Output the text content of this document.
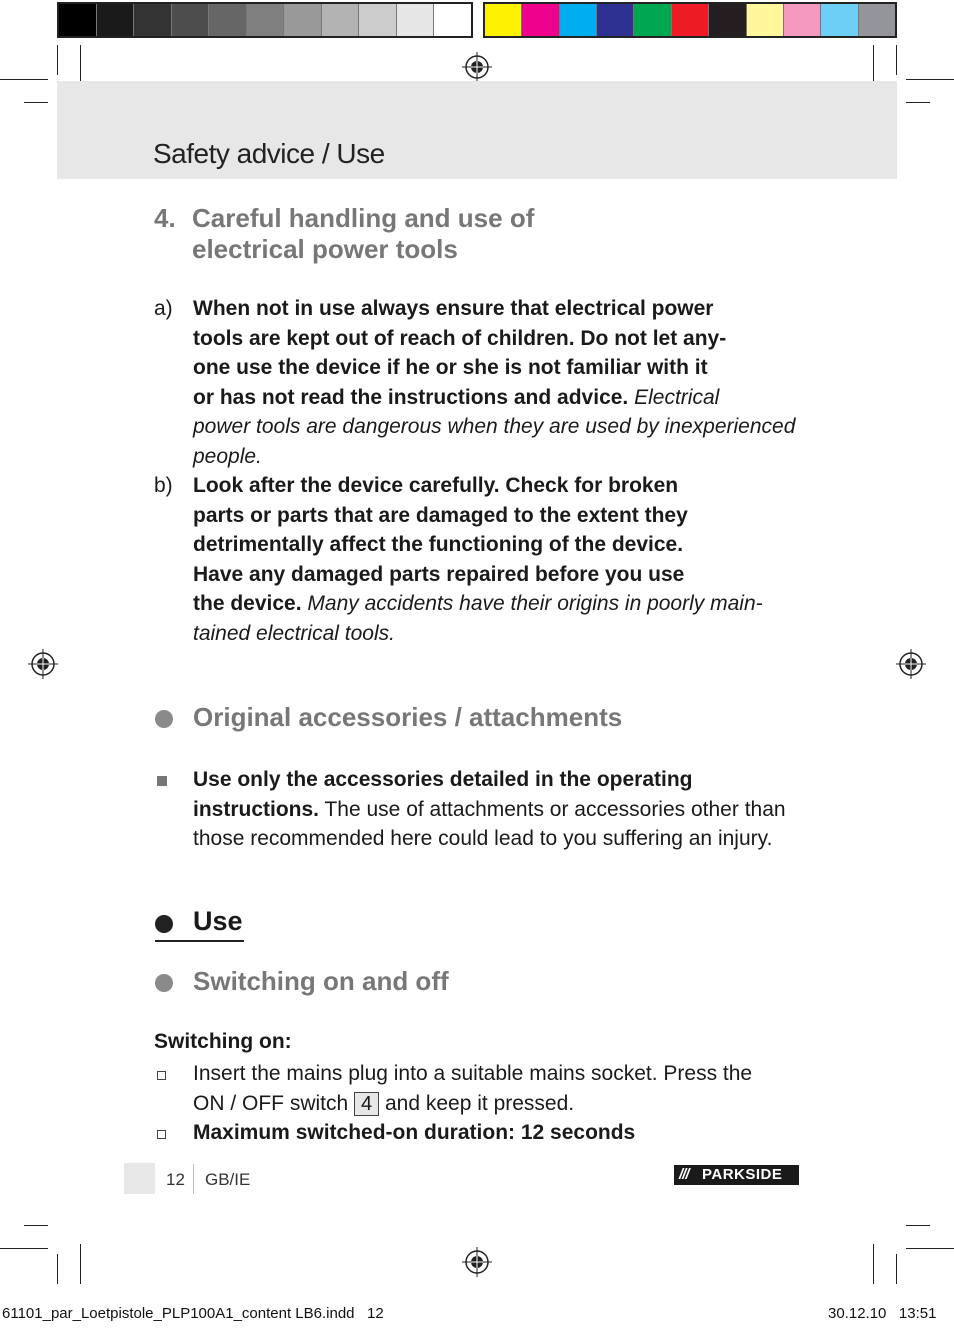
Safety advice / Use
4. Careful handling and use of
electrical power tools
a) When not in use always ensure that electrical power
tools are kept out of reach of children. Do not let any-
one use the device if he or she is not familiar with it
or has not read the instructions and advice. Electrical
power tools are dangerous when they are used by inexperienced
people.
b) Look after the device carefully. Check for broken
parts or parts that are damaged to the extent they
detrimentally affect the functioning of the device.
Have any damaged parts repaired before you use
the device. Many accidents have their origins in poorly main-
tained electrical tools.
Original accessories / attachments
Use only the accessories detailed in the operating
instructions. The use of attachments or accessories other than
those recommended here could lead to you suffering an injury.
Use
Switching on and off
Switching on:
Insert the mains plug into a suitable mains socket. Press the
ON / OFF switch 4 and keep it pressed.
Maximum switched-on duration: 12 seconds
12 GB/IE	/// PARKSIDE
61101_par_Loetpistole_PLP100A1_content LB6.indd   12	30.12.10   13:51
